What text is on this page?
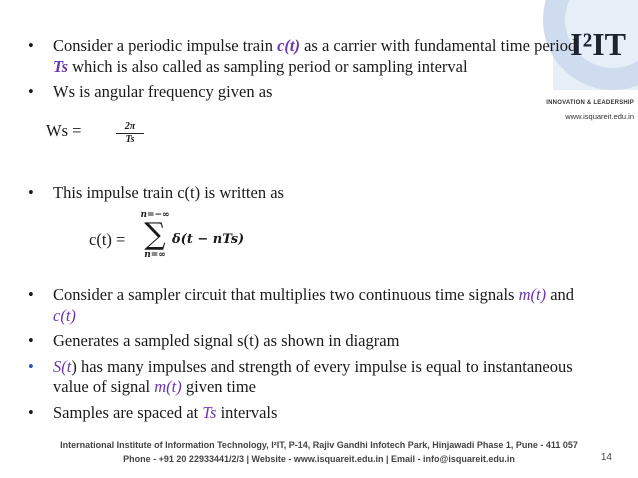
I²IT
INNOVATION & LEADERSHIP
www.isquareit.edu.in
• Consider a periodic impulse train c(t) as a carrier with fundamental time period Ts which is also called as sampling period or sampling interval
• Ws is angular frequency given as
Ws =	$\frac{2\pi}{Ts}$
• This impulse train c(t) is written as
c(t) =
n=−∞
∑
n=∞
δ(t − nTs)
• Consider a sampler circuit that multiplies two continuous time signals m(t) and c(t)
• Generates a sampled signal s(t) as shown in diagram
• S(t) has many impulses and strength of every impulse is equal to instantaneous value of signal m(t) given time
• Samples are spaced at Ts intervals
International Institute of Information Technology, I²IT, P-14, Rajiv Gandhi Infotech Park, Hinjawadi Phase 1, Pune - 411 057
Phone - +91 20 22933441/2/3 | Website - www.isquareit.edu.in | Email - info@isquareit.edu.in	14
